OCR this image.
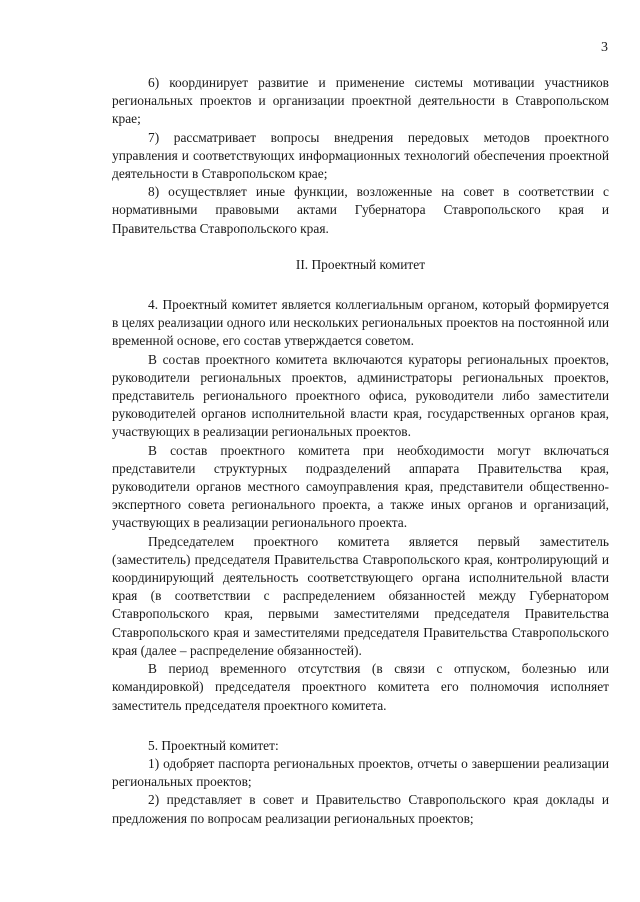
3

6) координирует развитие и применение системы мотивации участников региональных проектов и организации проектной деятельности в Ставропольском крае;

7) рассматривает вопросы внедрения передовых методов проектного управления и соответствующих информационных технологий обеспечения проектной деятельности в Ставропольском крае;

8) осуществляет иные функции, возложенные на совет в соответствии с нормативными правовыми актами Губернатора Ставропольского края и Правительства Ставропольского края.

II. Проектный комитет

4. Проектный комитет является коллегиальным органом, который формируется в целях реализации одного или нескольких региональных проектов на постоянной или временной основе, его состав утверждается советом.

В состав проектного комитета включаются кураторы региональных проектов, руководители региональных проектов, администраторы региональных проектов, представитель регионального проектного офиса, руководители либо заместители руководителей органов исполнительной власти края, государственных органов края, участвующих в реализации региональных проектов.

В состав проектного комитета при необходимости могут включаться представители структурных подразделений аппарата Правительства края, руководители органов местного самоуправления края, представители общественно-экспертного совета регионального проекта, а также иных органов и организаций, участвующих в реализации регионального проекта.

Председателем проектного комитета является первый заместитель (заместитель) председателя Правительства Ставропольского края, контролирующий и координирующий деятельность соответствующего органа исполнительной власти края (в соответствии с распределением обязанностей между Губернатором Ставропольского края, первыми заместителями председателя Правительства Ставропольского края и заместителями председателя Правительства Ставропольского края (далее – распределение обязанностей).

В период временного отсутствия (в связи с отпуском, болезнью или командировкой) председателя проектного комитета его полномочия исполняет заместитель председателя проектного комитета.

5. Проектный комитет:

1) одобряет паспорта региональных проектов, отчеты о завершении реализации региональных проектов;

2) представляет в совет и Правительство Ставропольского края доклады и предложения по вопросам реализации региональных проектов;
